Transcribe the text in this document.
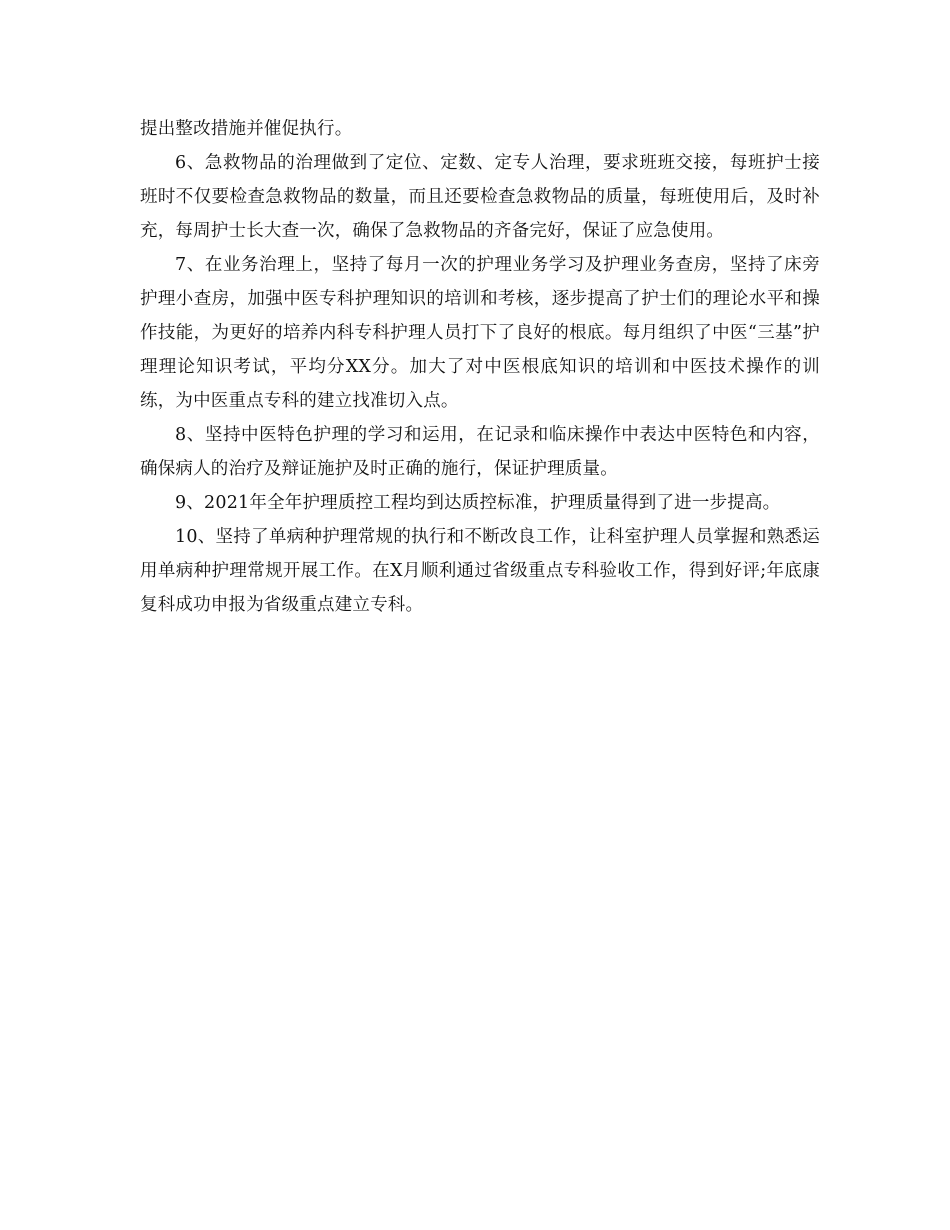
提出整改措施并催促执行。

6、急救物品的治理做到了定位、定数、定专人治理，要求班班交接，每班护士接班时不仅要检查急救物品的数量，而且还要检查急救物品的质量，每班使用后，及时补充，每周护士长大查一次，确保了急救物品的齐备完好，保证了应急使用。

7、在业务治理上，坚持了每月一次的护理业务学习及护理业务查房，坚持了床旁护理小查房，加强中医专科护理知识的培训和考核，逐步提高了护士们的理论水平和操作技能，为更好的培养内科专科护理人员打下了良好的根底。每月组织了中医“三基”护理理论知识考试，平均分XX分。加大了对中医根底知识的培训和中医技术操作的训练，为中医重点专科的建立找准切入点。

8、坚持中医特色护理的学习和运用，在记录和临床操作中表达中医特色和内容，确保病人的治疗及辩证施护及时正确的施行，保证护理质量。

9、2021年全年护理质控工程均到达质控标准，护理质量得到了进一步提高。

10、坚持了单病种护理常规的执行和不断改良工作，让科室护理人员掌握和熟悉运用单病种护理常规开展工作。在X月顺利通过省级重点专科验收工作，得到好评;年底康复科成功申报为省级重点建立专科。
